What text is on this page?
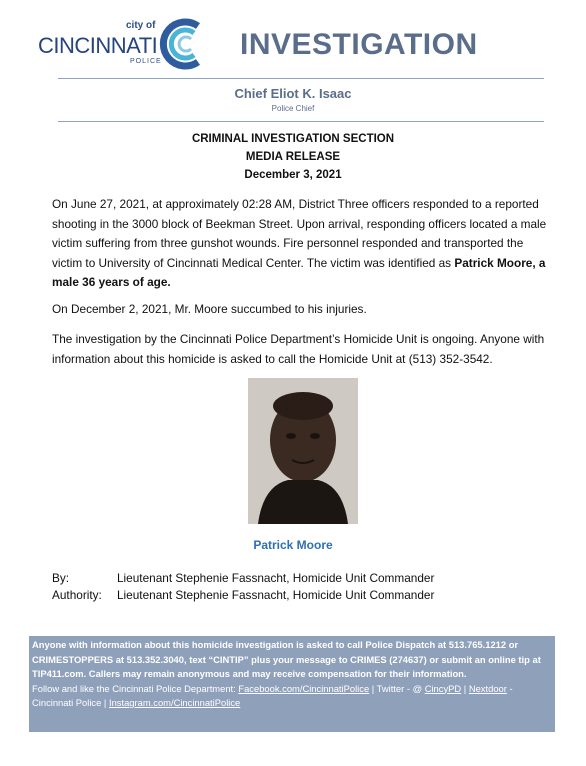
city of
CINCINNATI
POLICE
INVESTIGATION
Chief Eliot K. Isaac
Police Chief
CRIMINAL INVESTIGATION SECTION
MEDIA RELEASE
December 3, 2021
On June 27, 2021, at approximately 02:28 AM, District Three officers responded to a reported shooting in the 3000 block of Beekman Street. Upon arrival, responding officers located a male victim suffering from three gunshot wounds. Fire personnel responded and transported the victim to University of Cincinnati Medical Center. The victim was identified as Patrick Moore, a male 36 years of age.
On December 2, 2021, Mr. Moore succumbed to his injuries.
The investigation by the Cincinnati Police Department’s Homicide Unit is ongoing. Anyone with information about this homicide is asked to call the Homicide Unit at (513) 352-3542.
Patrick Moore
By:	Lieutenant Stephenie Fassnacht, Homicide Unit Commander
Authority: Lieutenant Stephenie Fassnacht, Homicide Unit Commander
Anyone with information about this homicide investigation is asked to call Police Dispatch at 513.765.1212 or CRIMESTOPPERS at 513.352.3040, text “CINTIP” plus your message to CRIMES (274637) or submit an online tip at TIP411.com. Callers may remain anonymous and may receive compensation for their information.
Follow and like the Cincinnati Police Department: Facebook.com/CincinnatiPolice | Twitter - @ CincyPD | Nextdoor - Cincinnati Police | Instagram.com/CincinnatiPolice
